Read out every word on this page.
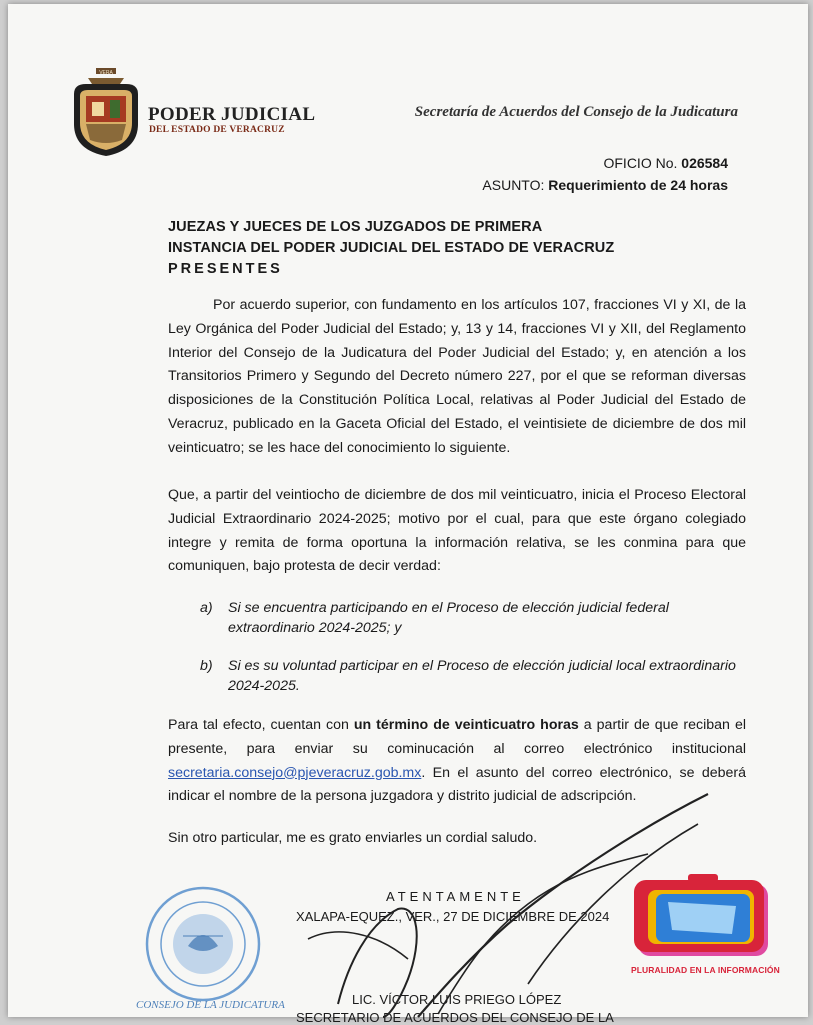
VERA
PODER JUDICIAL
DEL ESTADO DE VERACRUZ
Secretaría de Acuerdos del Consejo de la Judicatura
OFICIO No. 026584
ASUNTO: Requerimiento de 24 horas
JUEZAS Y JUECES DE LOS JUZGADOS DE PRIMERA
INSTANCIA DEL PODER JUDICIAL DEL ESTADO DE VERACRUZ
PRESENTES
Por acuerdo superior, con fundamento en los artículos 107, fracciones VI y XI, de la Ley Orgánica del Poder Judicial del Estado; y, 13 y 14, fracciones VI y XII, del Reglamento Interior del Consejo de la Judicatura del Poder Judicial del Estado; y, en atención a los Transitorios Primero y Segundo del Decreto número 227, por el que se reforman diversas disposiciones de la Constitución Política Local, relativas al Poder Judicial del Estado de Veracruz, publicado en la Gaceta Oficial del Estado, el veintisiete de diciembre de dos mil veinticuatro; se les hace del conocimiento lo siguiente.
Que, a partir del veintiocho de diciembre de dos mil veinticuatro, inicia el Proceso Electoral Judicial Extraordinario 2024-2025; motivo por el cual, para que este órgano colegiado integre y remita de forma oportuna la información relativa, se les conmina para que comuniquen, bajo protesta de decir verdad:
a) Si se encuentra participando en el Proceso de elección judicial federal extraordinario 2024-2025; y
b) Si es su voluntad participar en el Proceso de elección judicial local extraordinario 2024-2025.
Para tal efecto, cuentan con un término de veinticuatro horas a partir de que reciban el presente, para enviar su cominucación al correo electrónico institucional secretaria.consejo@pjeveracruz.gob.mx. En el asunto del correo electrónico, se deberá indicar el nombre de la persona juzgadora y distrito judicial de adscripción.
Sin otro particular, me es grato enviarles un cordial saludo.
CONSEJO DE LA JUDICATURA
ATENTAMENTE
XALAPA-EQUEZ., VER., 27 DE DICIEMBRE DE 2024
LIC. VÍCTOR LUIS PRIEGO LÓPEZ
SECRETARIO DE ACUERDOS DEL CONSEJO DE LA
PLURALIDAD EN LA INFORMACIÓN
